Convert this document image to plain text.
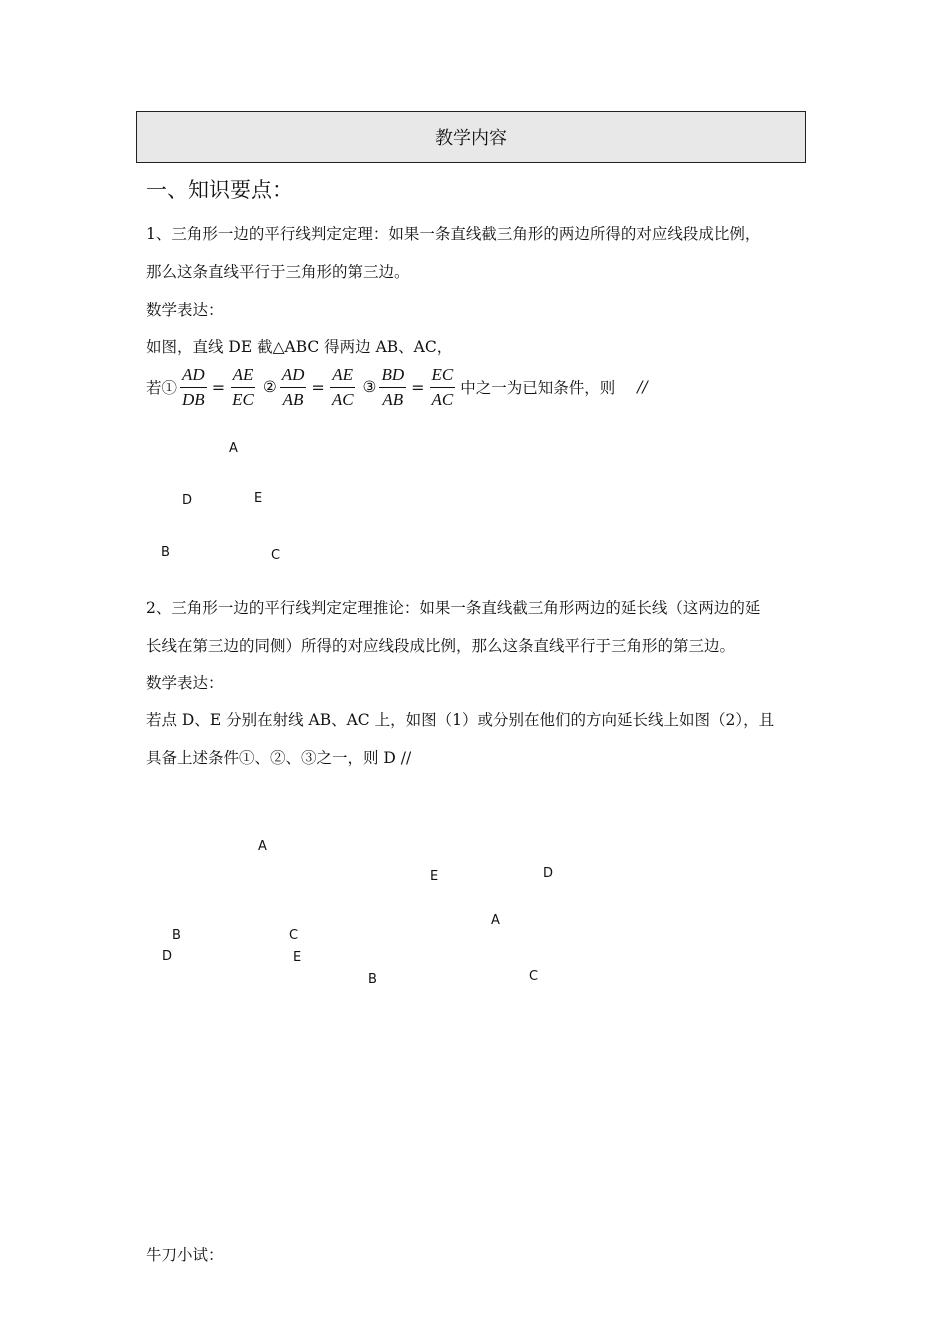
教学内容
一、知识要点：
1、三角形一边的平行线判定定理：如果一条直线截三角形的两边所得的对应线段成比例，
那么这条直线平行于三角形的第三边。
数学表达：
如图，直线 DE 截△ABC 得两边 AB、AC，
若① $\frac{AD}{DB} = \frac{AE}{EC}$ ② $\frac{AD}{AB} = \frac{AE}{AC}$ ③ $\frac{BD}{AB} = \frac{EC}{AC}$ 中之一为已知条件，则 //
A
D	E
B	C
2、三角形一边的平行线判定定理推论：如果一条直线截三角形两边的延长线（这两边的延
长线在第三边的同侧）所得的对应线段成比例，那么这条直线平行于三角形的第三边。
数学表达：
若点 D、E 分别在射线 AB、AC 上，如图（1）或分别在他们的方向延长线上如图（2），且
具备上述条件①、②、③之一，则 D //
A
B	C
D	E
E	D
A
B	C
牛刀小试：
